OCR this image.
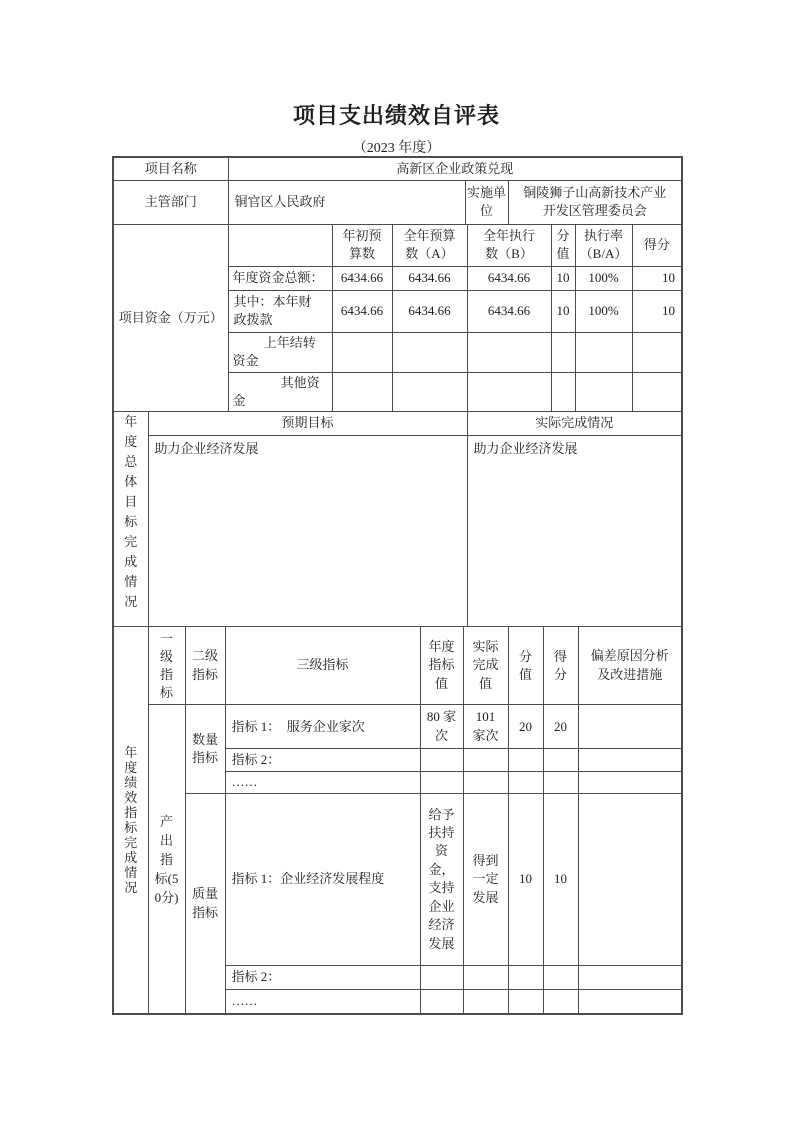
项目支出绩效自评表
（2023 年度）
项目名称	高新区企业政策兑现
主管部门	铜官区人民政府	实施单位	铜陵狮子山高新技术产业开发区管理委员会
项目资金（万元）		年初预算数	全年预算数（A）	全年执行数（B）	分值	执行率（B/A）	得分
	年度资金总额：	6434.66	6434.66	6434.66	10	100%	10
	其中：本年财政拨款	6434.66	6434.66	6434.66	10	100%	10
	上年结转资金						
	其他资金						
年度总体目标完成情况	预期目标	实际完成情况
	助力企业经济发展	助力企业经济发展
年度绩效指标完成情况	一级指标	二级指标	三级指标	年度指标值	实际完成值	分值	得分	偏差原因分析及改进措施

	产出指标(50分)	数量指标	指标 1：　服务企业家次	80 家次	101 家次	20	20	
			指标 2：					
			……					
		质量指标	指标 1：企业经济发展程度	给予扶持资金，支持企业经济发展	得到一定发展	10	10	
			指标 2：					
			……					
